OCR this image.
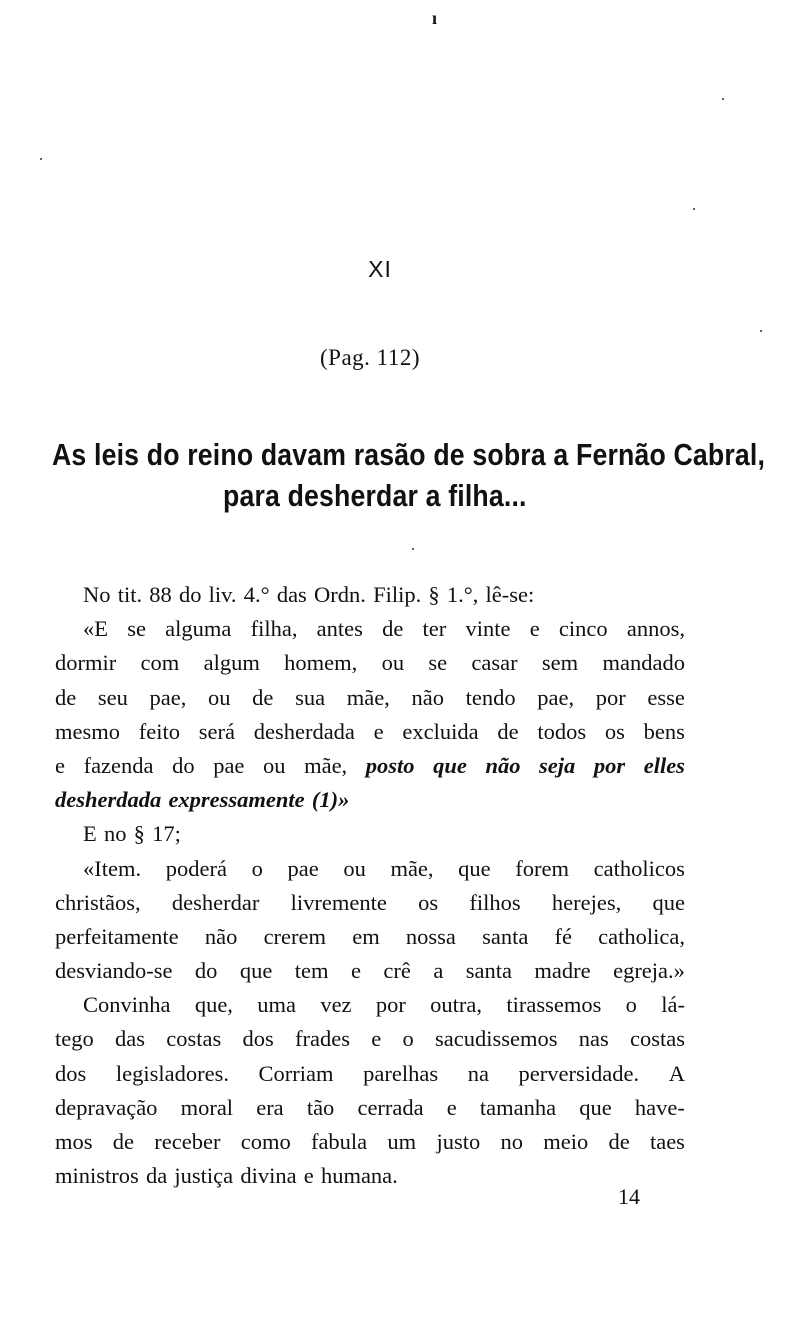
ı
XI
(Pag. 112)
As leis do reino davam rasão de sobra a Fernão Cabral,
para desherdar a filha...
No tit. 88 do liv. 4.° das Ordn. Filip. § 1.°, lê-se:
«E se alguma filha, antes de ter vinte e cinco annos,
dormir com algum homem, ou se casar sem mandado
de seu pae, ou de sua mãe, não tendo pae, por esse
mesmo feito será desherdada e excluida de todos os bens
e fazenda do pae ou mãe, posto que não seja por elles
desherdada expressamente (1)»
E no § 17;
«Item. poderá o pae ou mãe, que forem catholicos
christãos, desherdar livremente os filhos herejes, que
perfeitamente não crerem em nossa santa fé catholica,
desviando-se do que tem e crê a santa madre egreja.»
Convinha que, uma vez por outra, tirassemos o lá-
tego das costas dos frades e o sacudissemos nas costas
dos legisladores. Corriam parelhas na perversidade. A
depravação moral era tão cerrada e tamanha que have-
mos de receber como fabula um justo no meio de taes
ministros da justiça divina e humana.
14
